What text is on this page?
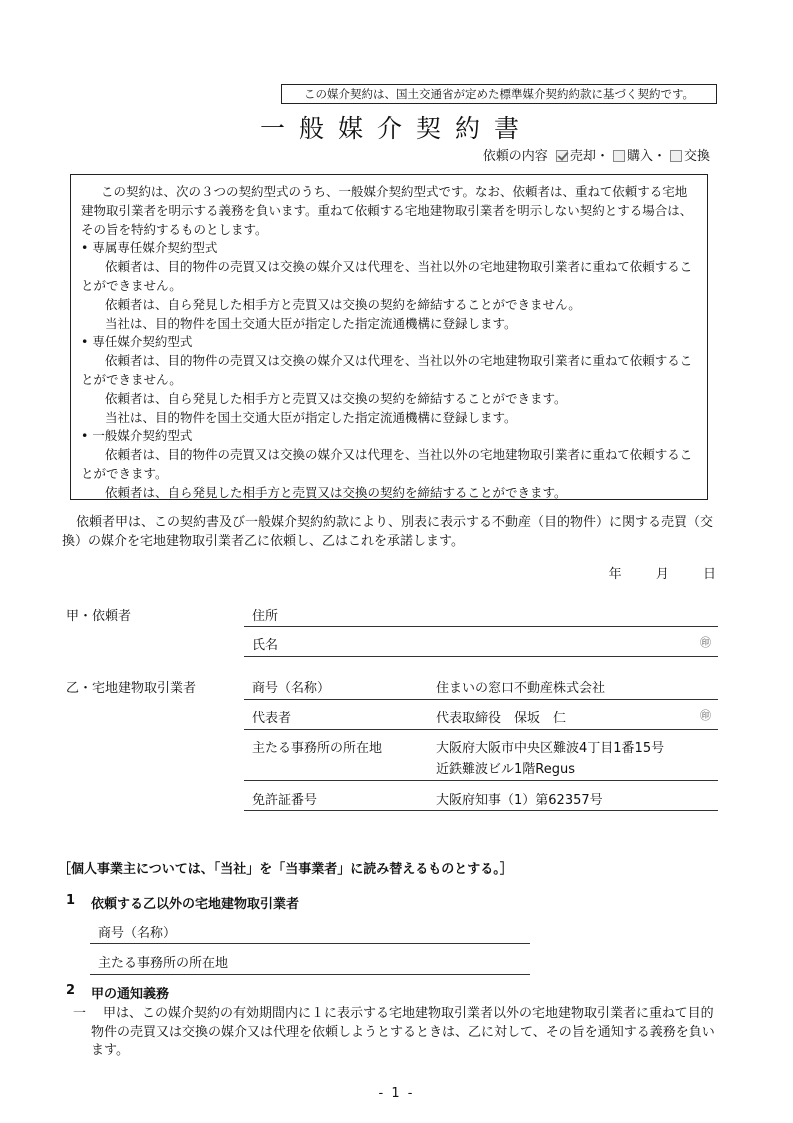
この媒介契約は、国土交通省が定めた標準媒介契約約款に基づく契約です。
一般媒介契約書
依頼の内容 売却・ 購入・ 交換

この契約は、次の３つの契約型式のうち、一般媒介契約型式です。なお、依頼者は、重ねて依頼する宅地建物取引業者を明示する義務を負います。重ねて依頼する宅地建物取引業者を明示しない契約とする場合は、その旨を特約するものとします。

• 専属専任媒介契約型式

依頼者は、目的物件の売買又は交換の媒介又は代理を、当社以外の宅地建物取引業者に重ねて依頼することができません。

依頼者は、自ら発見した相手方と売買又は交換の契約を締結することができません。

当社は、目的物件を国土交通大臣が指定した指定流通機構に登録します。

• 専任媒介契約型式

依頼者は、目的物件の売買又は交換の媒介又は代理を、当社以外の宅地建物取引業者に重ねて依頼することができません。

依頼者は、自ら発見した相手方と売買又は交換の契約を締結することができます。

当社は、目的物件を国土交通大臣が指定した指定流通機構に登録します。

• 一般媒介契約型式

依頼者は、目的物件の売買又は交換の媒介又は代理を、当社以外の宅地建物取引業者に重ねて依頼することができます。

依頼者は、自ら発見した相手方と売買又は交換の契約を締結することができます。

依頼者甲は、この契約書及び一般媒介契約約款により、別表に表示する不動産（目的物件）に関する売買（交換）の媒介を宅地建物取引業者乙に依頼し、乙はこれを承諾します。
年	月	日
甲・依頼者	住所
氏名	㊞
乙・宅地建物取引業者	商号（名称）	住まいの窓口不動産株式会社
代表者	代表取締役　保坂　仁	㊞
主たる事務所の所在地	大阪府大阪市中央区難波4丁目1番15号
近鉄難波ビル1階Regus
免許証番号	大阪府知事（1）第62357号
［個人事業主については、「当社」を「当事業者」に読み替えるものとする。］
1 依頼する乙以外の宅地建物取引業者
商号（名称）
主たる事務所の所在地
2 甲の通知義務
一	甲は、この媒介契約の有効期間内に１に表示する宅地建物取引業者以外の宅地建物取引業者に重ねて目的物件の売買又は交換の媒介又は代理を依頼しようとするときは、乙に対して、その旨を通知する義務を負います。
- 1 -
